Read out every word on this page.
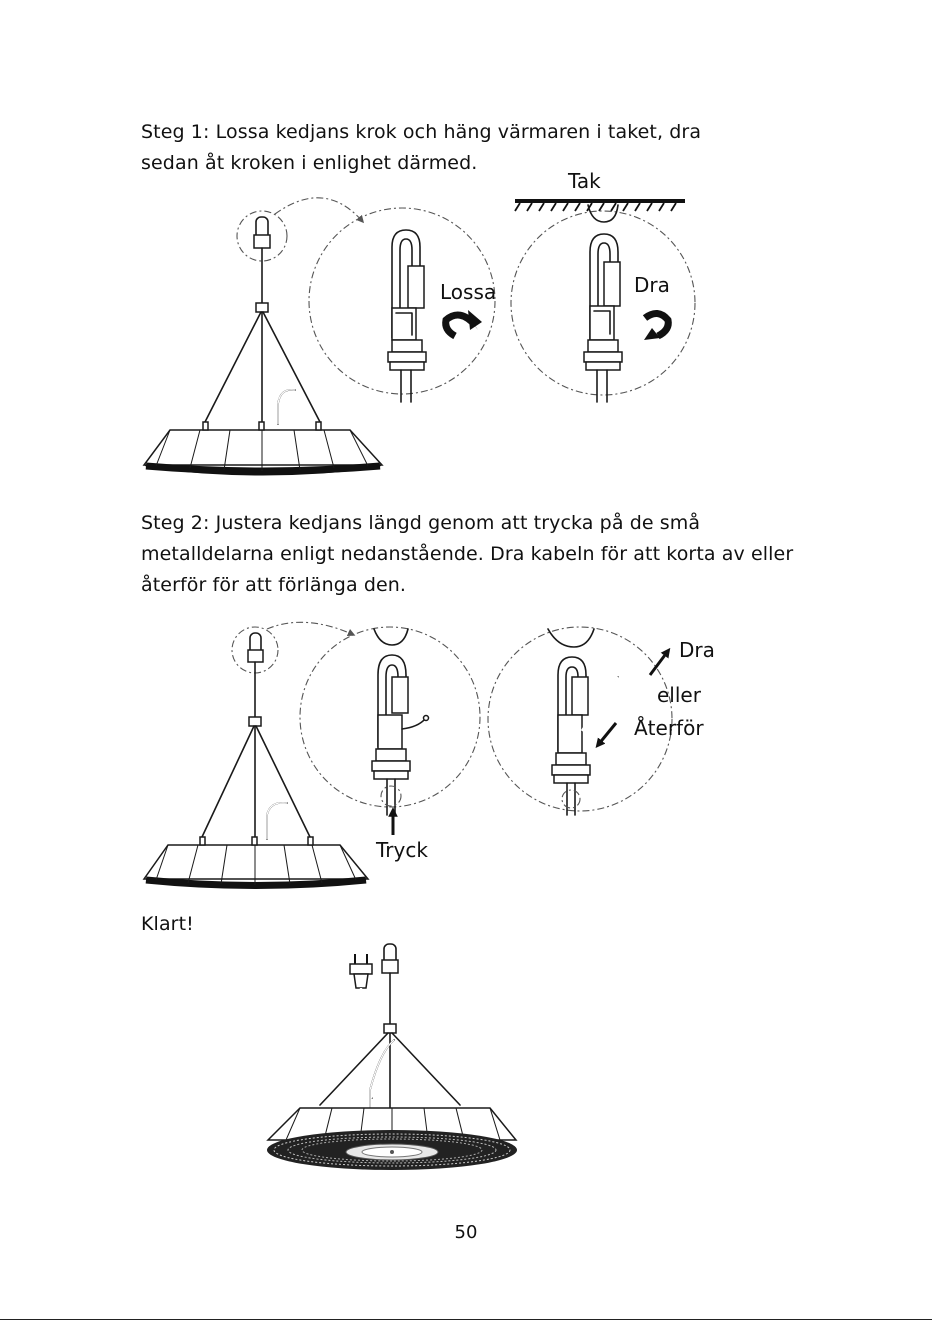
Steg 1: Lossa kedjans krok och häng värmaren i taket, dra sedan åt kroken i enlighet därmed.
Tak
Lossa	Dra
Steg 2: Justera kedjans längd genom att trycka på de små metalldelarna enligt nedanstående. Dra kabeln för att korta av eller återför för att förlänga den.
Dra
eller
Återför
Tryck
Klart!
50
